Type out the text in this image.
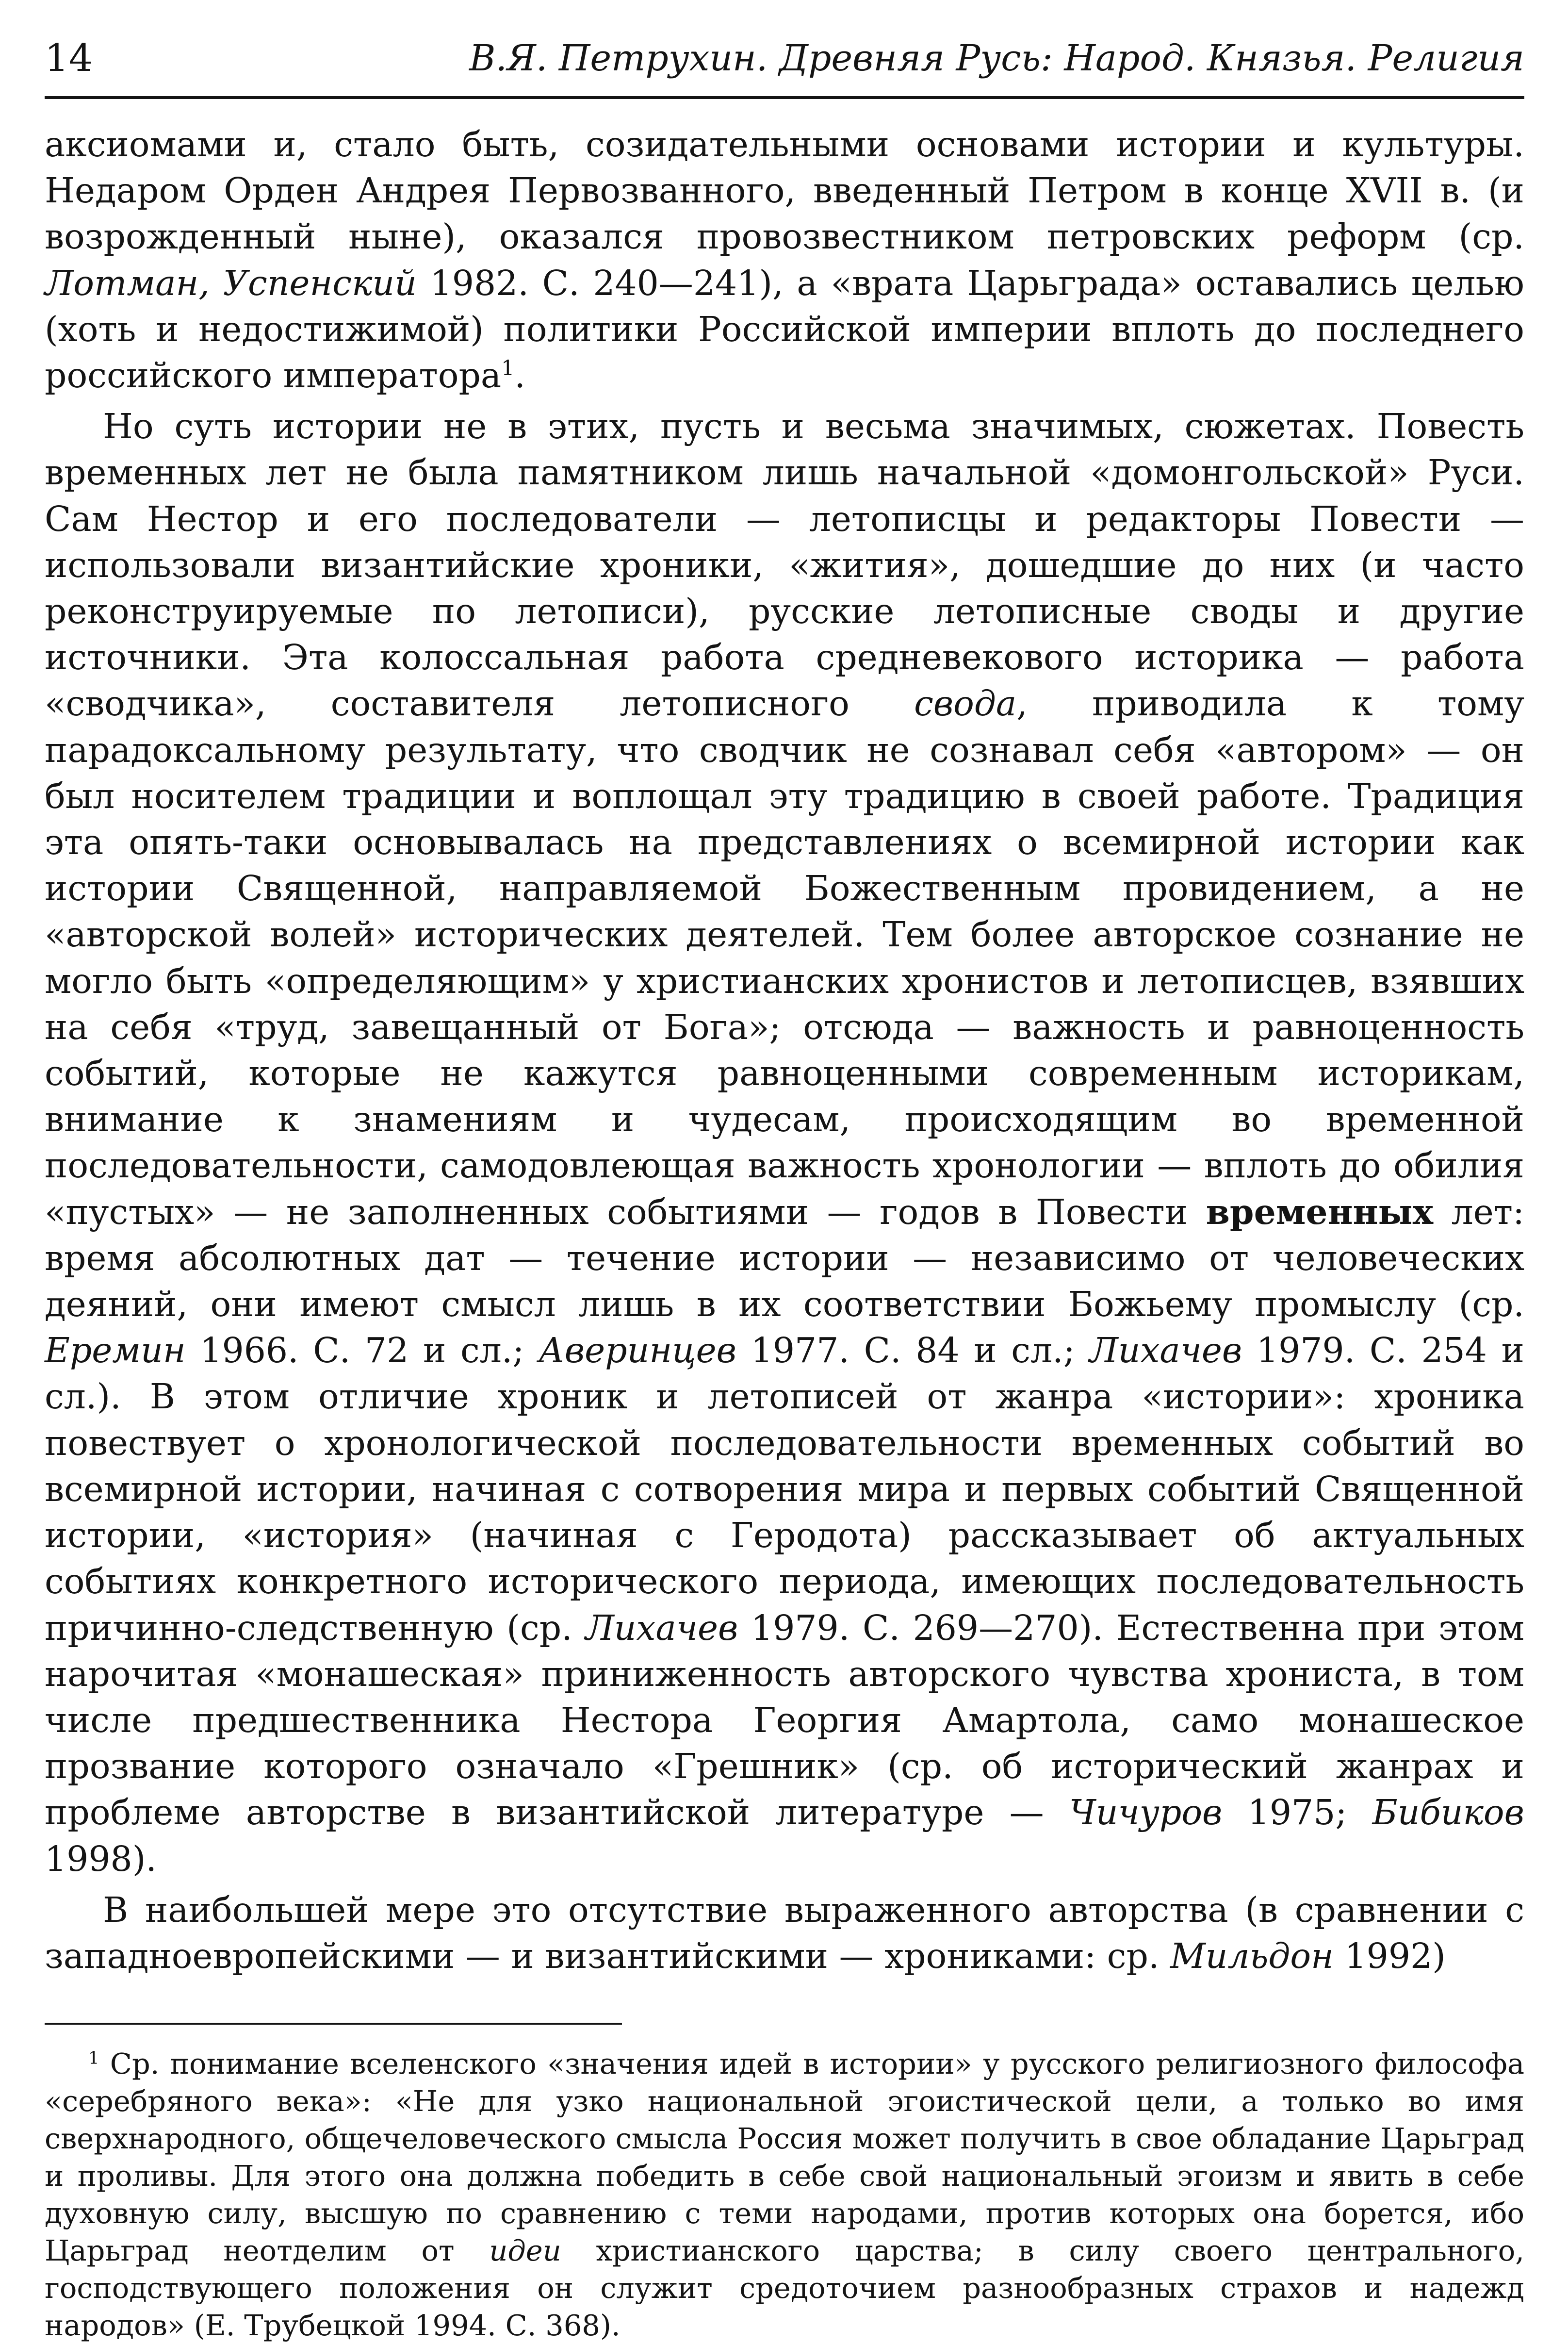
14	В.Я. Петрухин. Древняя Русь: Народ. Князья. Религия

аксиомами и, стало быть, созидательными основами истории и культуры. Недаром Орден Андрея Первозванного, введенный Петром в конце XVII в. (и возрожденный ныне), оказался провозвестником петровских реформ (ср. Лотман, Успенский 1982. С. 240—241), а «врата Царьграда» оставались целью (хоть и недостижимой) политики Российской империи вплоть до последнего российского императора$^1$.

Но суть истории не в этих, пусть и весьма значимых, сюжетах. Повесть временных лет не была памятником лишь начальной «домонгольской» Руси. Сам Нестор и его последователи — летописцы и редакторы Повести — использовали византийские хроники, «жития», дошедшие до них (и часто реконструируемые по летописи), русские летописные своды и другие источники. Эта колоссальная работа средневекового историка — работа «сводчика», составителя летописного свода, приводила к тому парадоксальному результату, что сводчик не сознавал себя «автором» — он был носителем традиции и воплощал эту традицию в своей работе. Традиция эта опять-таки основывалась на представлениях о всемирной истории как истории Священной, направляемой Божественным провидением, а не «авторской волей» исторических деятелей. Тем более авторское сознание не могло быть «определяющим» у христианских хронистов и летописцев, взявших на себя «труд, завещанный от Бога»; отсюда — важность и равноценность событий, которые не кажутся равноценными современным историкам, внимание к знамениям и чудесам, происходящим во временной последовательности, самодовлеющая важность хронологии — вплоть до обилия «пустых» — не заполненных событиями — годов в Повести временных лет: время абсолютных дат — течение истории — независимо от человеческих деяний, они имеют смысл лишь в их соответствии Божьему промыслу (ср. Еремин 1966. С. 72 и сл.; Аверинцев 1977. С. 84 и сл.; Лихачев 1979. С. 254 и сл.). В этом отличие хроник и летописей от жанра «истории»: хроника повествует о хронологической последовательности временных событий во всемирной истории, начиная с сотворения мира и первых событий Священной истории, «история» (начиная с Геродота) рассказывает об актуальных событиях конкретного исторического периода, имеющих последовательность причинно-следственную (ср. Лихачев 1979. С. 269—270). Естественна при этом нарочитая «монашеская» приниженность авторского чувства хрониста, в том числе предшественника Нестора Георгия Амартола, само монашеское прозвание которого означало «Грешник» (ср. об исторический жанрах и проблеме авторстве в византийской литературе — Чичуров 1975; Бибиков 1998).

В наибольшей мере это отсутствие выраженного авторства (в сравнении с западноевропейскими — и византийскими — хрониками: ср. Мильдон 1992)

$^1$ Ср. понимание вселенского «значения идей в истории» у русского религиозного философа «серебряного века»: «Не для узко национальной эгоистической цели, а только во имя сверхнародного, общечеловеческого смысла Россия может получить в свое обладание Царьград и проливы. Для этого она должна победить в себе свой национальный эгоизм и явить в себе духовную силу, высшую по сравнению с теми народами, против которых она борется, ибо Царьград неотделим от идеи христианского царства; в силу своего центрального, господствующего положения он служит средоточием разнообразных страхов и надежд народов» (Е. Трубецкой 1994. С. 368).
